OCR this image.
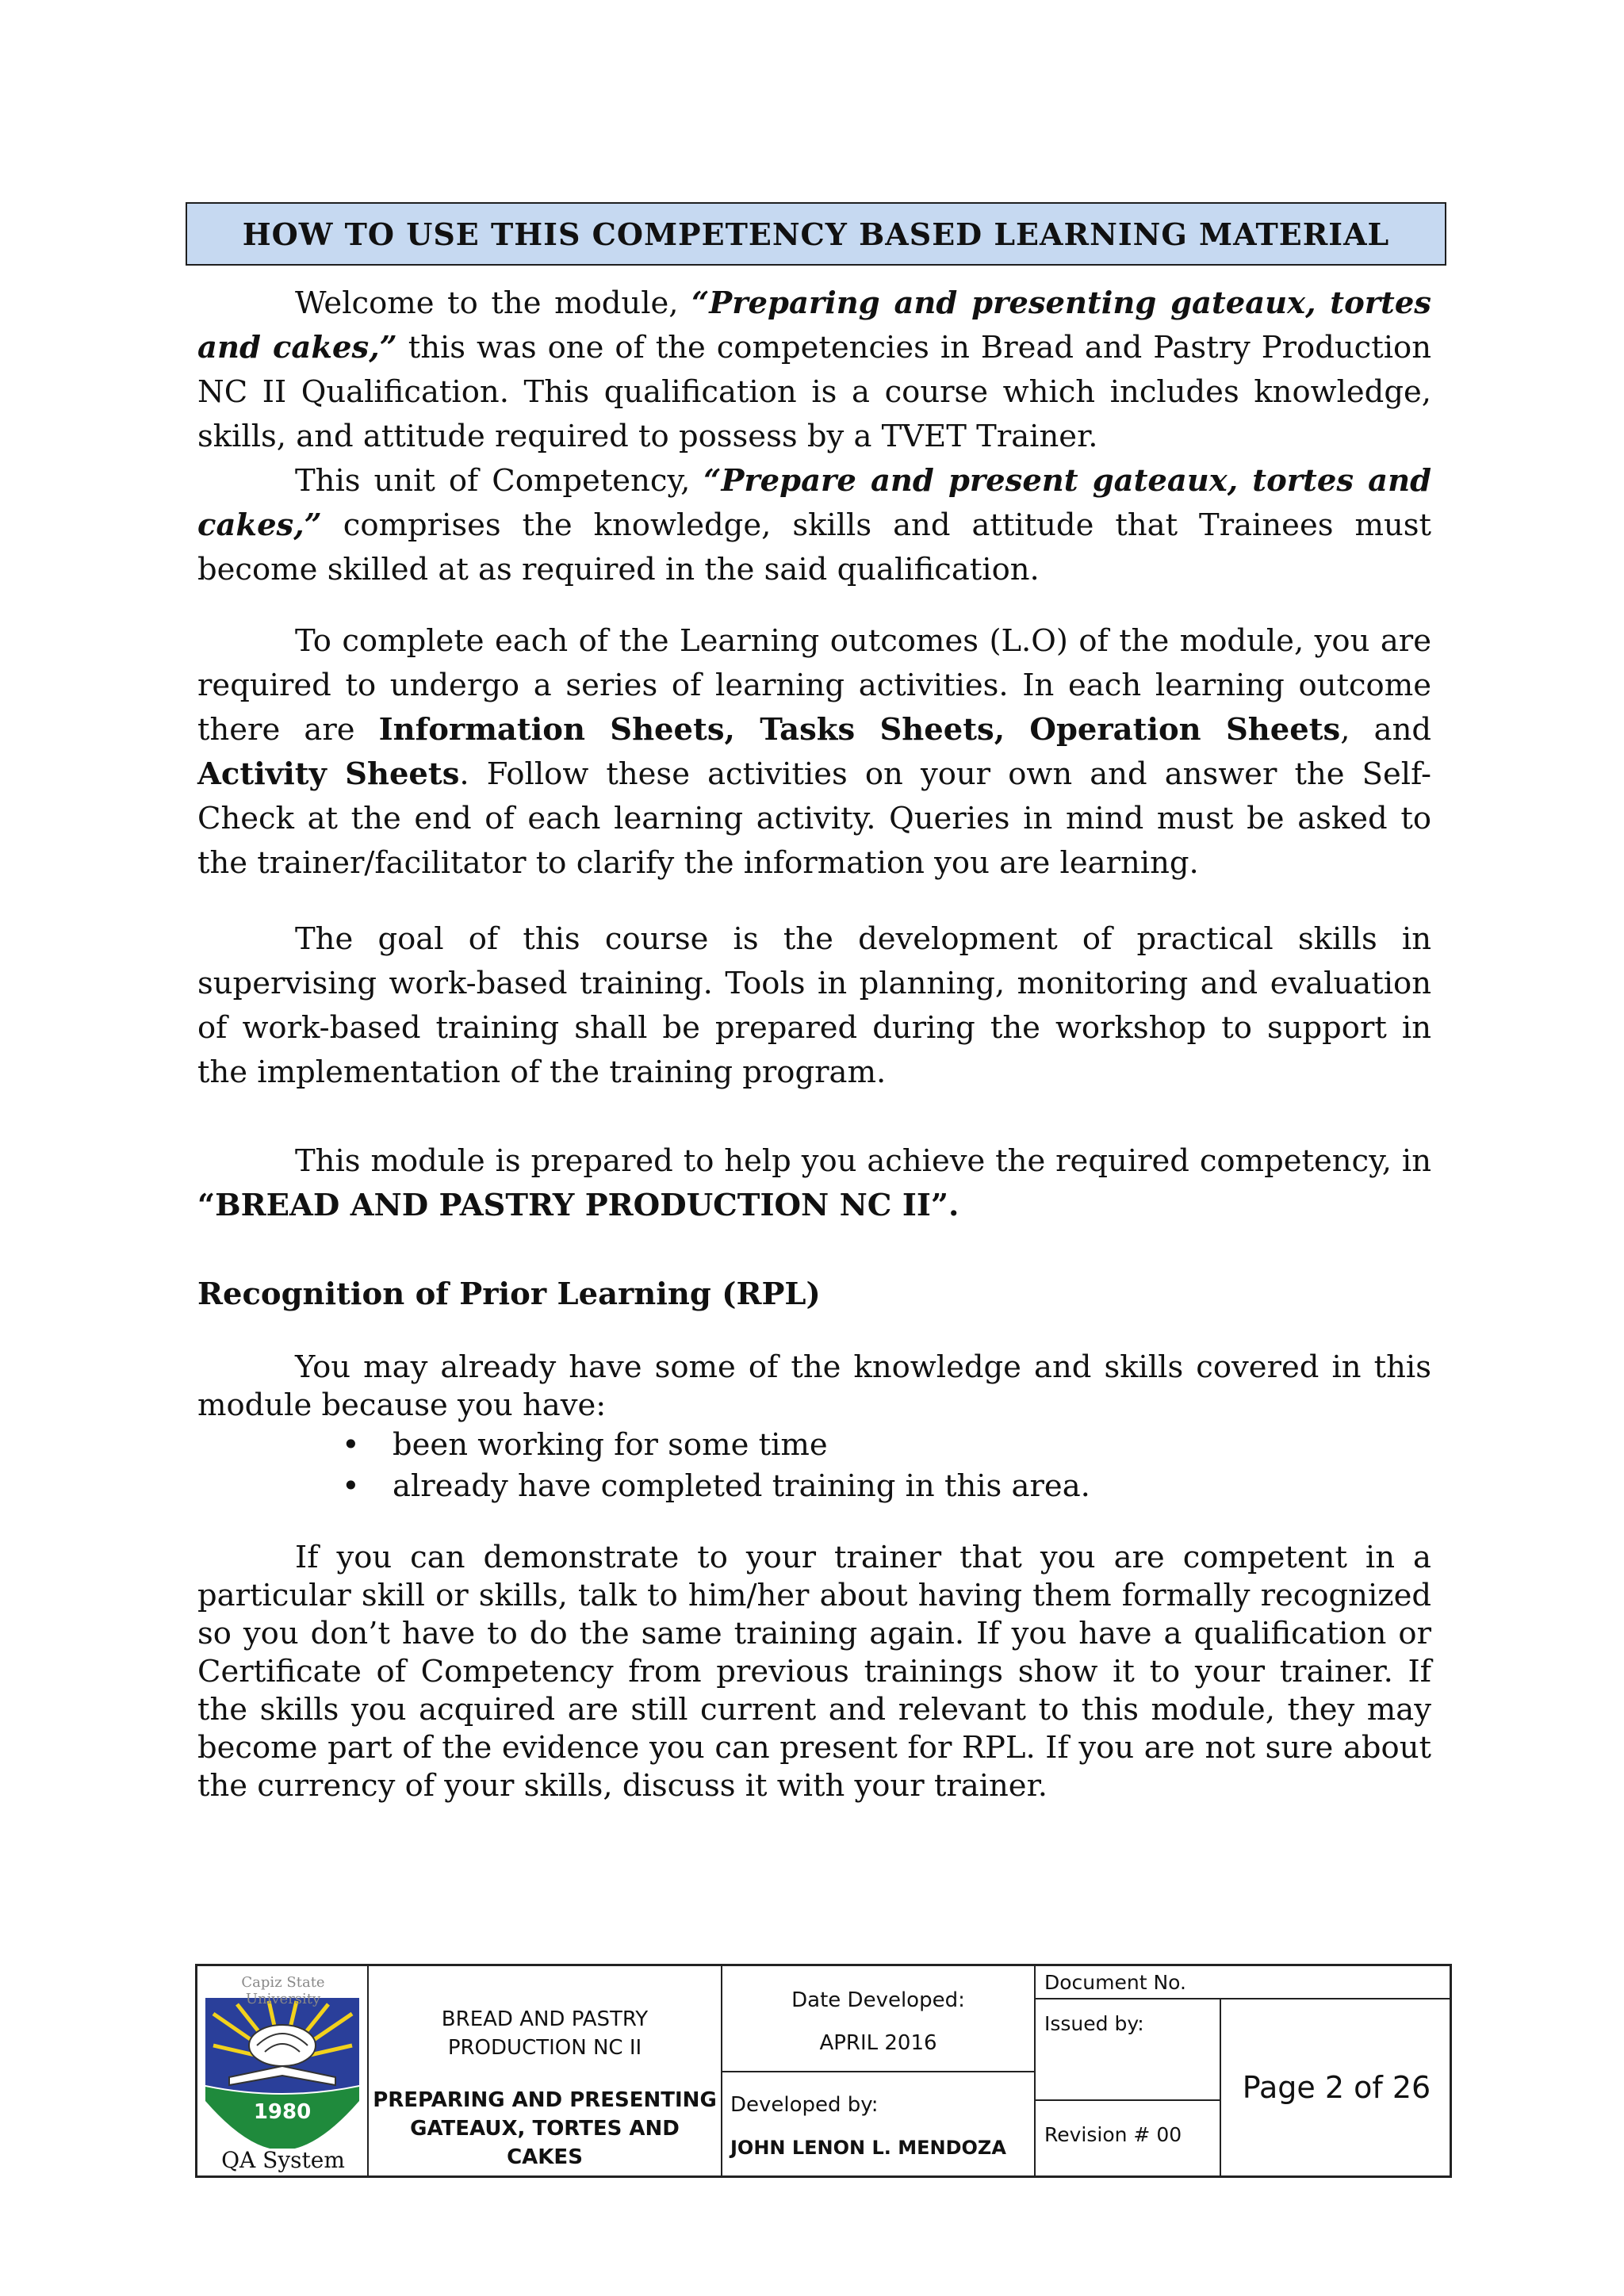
HOW TO USE THIS COMPETENCY BASED LEARNING MATERIAL

Welcome to the module, “Preparing and presenting gateaux, tortes and cakes,” this was one of the competencies in Bread and Pastry Production NC II Qualification. This qualification is a course which includes knowledge, skills, and attitude required to possess by a TVET Trainer.

This unit of Competency, “Prepare and present gateaux, tortes and cakes,” comprises the knowledge, skills and attitude that Trainees must become skilled at as required in the said qualification.

To complete each of the Learning outcomes (L.O) of the module, you are required to undergo a series of learning activities. In each learning outcome there are Information Sheets, Tasks Sheets, Operation Sheets, and Activity Sheets. Follow these activities on your own and answer the Self-Check at the end of each learning activity. Queries in mind must be asked to the trainer/facilitator to clarify the information you are learning.

The goal of this course is the development of practical skills in supervising work-based training. Tools in planning, monitoring and evaluation of work-based training shall be prepared during the workshop to support in the implementation of the training program.

This module is prepared to help you achieve the required competency, in “BREAD AND PASTRY PRODUCTION NC II”.

Recognition of Prior Learning (RPL)

You may already have some of the knowledge and skills covered in this module because you have:

• been working for some time
• already have completed training in this area.

If you can demonstrate to your trainer that you are competent in a particular skill or skills, talk to him/her about having them formally recognized so you don’t have to do the same training again. If you have a qualification or Certificate of Competency from previous trainings show it to your trainer. If the skills you acquired are still current and relevant to this module, they may become part of the evidence you can present for RPL. If you are not sure about the currency of your skills, discuss it with your trainer.

1980
Capiz State University
QA System
BREAD AND PASTRY
PRODUCTION NC II
PREPARING AND PRESENTING
GATEAUX, TORTES AND CAKES
Date Developed:
APRIL 2016
Developed by:
JOHN LENON L. MENDOZA
Document No.
Issued by:
Revision # 00
Page 2 of 26
